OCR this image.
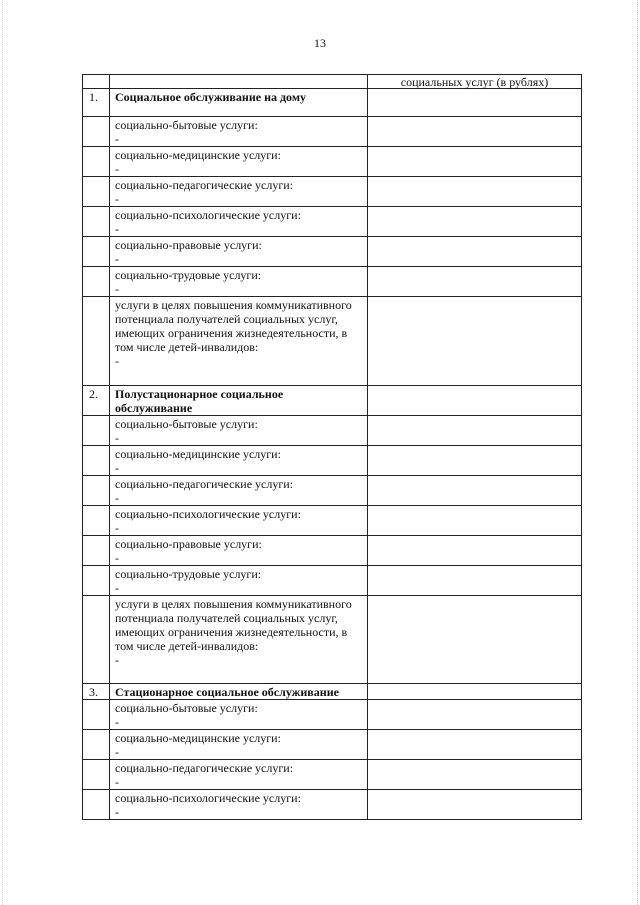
13
		социальных услуг (в рублях)
1.	Социальное обслуживание на дому	
	социально-бытовые услуги:
-	

	социально-медицинские услуги:
-	

	социально-педагогические услуги:
-	

	социально-психологические услуги:
-	

	социально-правовые услуги:
-	

	социально-трудовые услуги:
-	

	услуги в целях повышения коммуникативного потенциала получателей социальных услуг, имеющих ограничения жизнедеятельности, в том числе детей-инвалидов:
-	

2.	Полустационарное социальное обслуживание	
	социально-бытовые услуги:
-	

	социально-медицинские услуги:
-	

	социально-педагогические услуги:
-	

	социально-психологические услуги:
-	

	социально-правовые услуги:
-	

	социально-трудовые услуги:
-	

	услуги в целях повышения коммуникативного потенциала получателей социальных услуг, имеющих ограничения жизнедеятельности, в том числе детей-инвалидов:
-	

3.	Стационарное социальное обслуживание	
	социально-бытовые услуги:
-	

	социально-медицинские услуги:
-	

	социально-педагогические услуги:
-	

	социально-психологические услуги:
-	
